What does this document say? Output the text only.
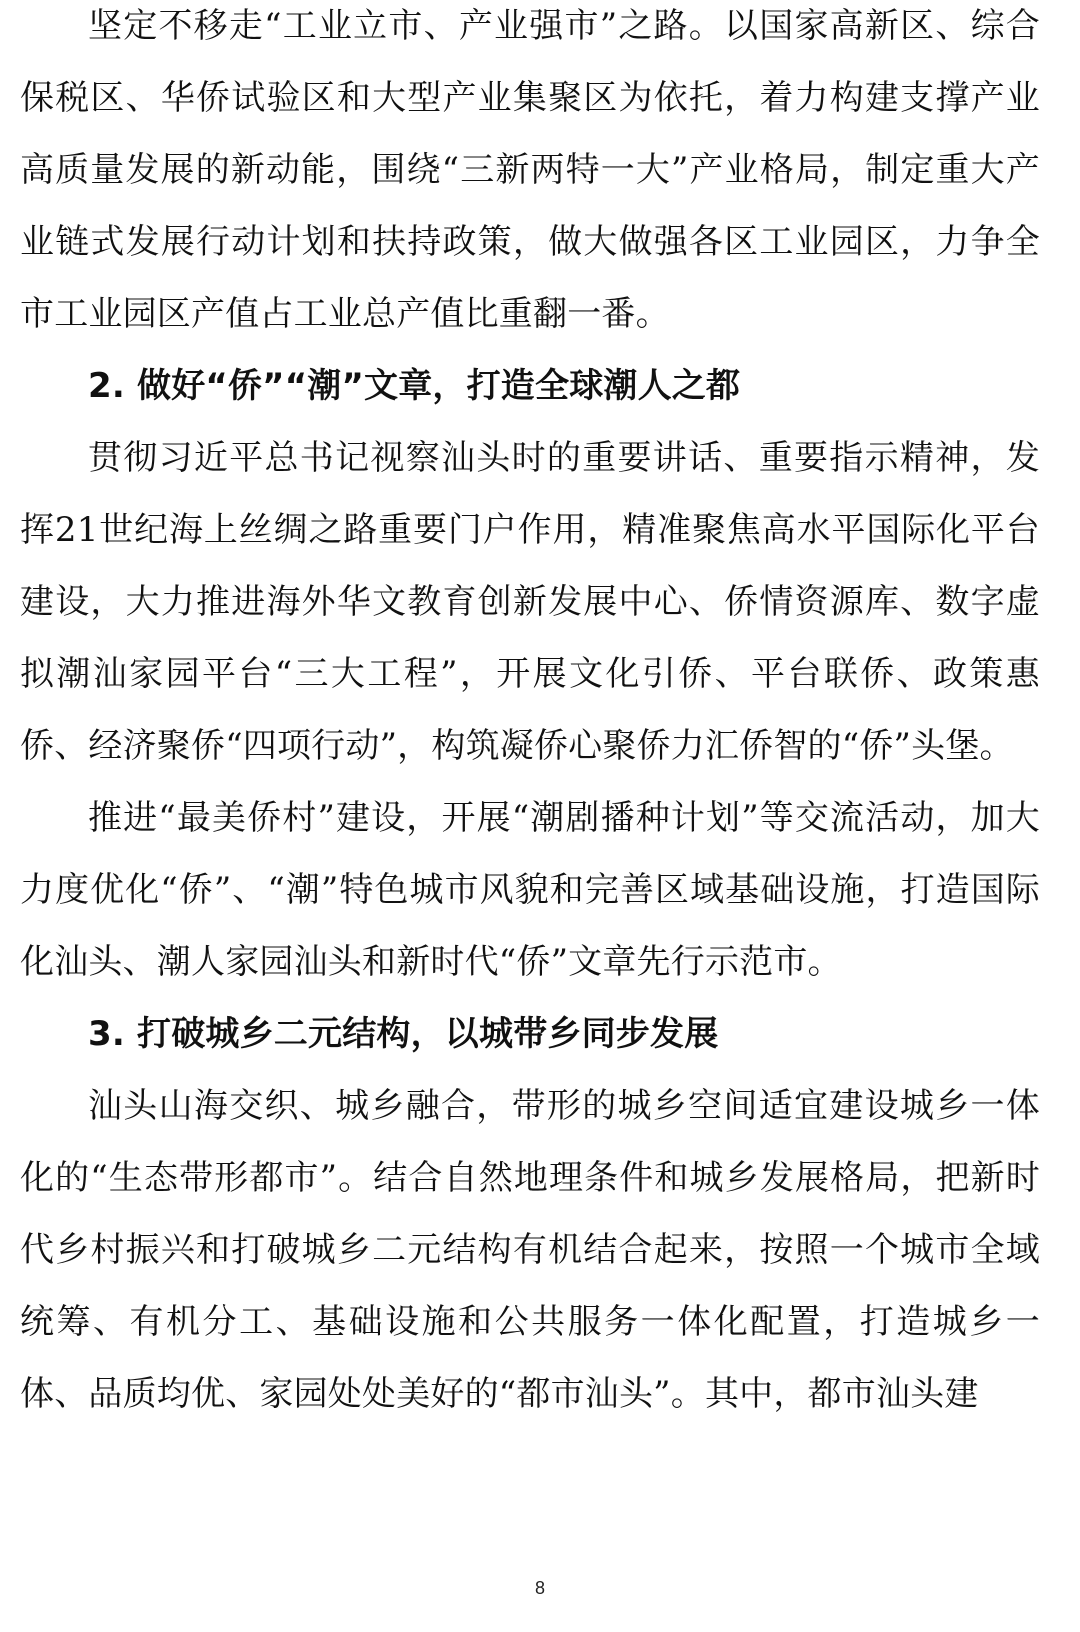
坚定不移走“工业立市、产业强市”之路。以国家高新区、综合保税区、华侨试验区和大型产业集聚区为依托，着力构建支撑产业高质量发展的新动能，围绕“三新两特一大”产业格局，制定重大产业链式发展行动计划和扶持政策，做大做强各区工业园区，力争全市工业园区产值占工业总产值比重翻一番。

2. 做好“侨”“潮”文章，打造全球潮人之都

贯彻习近平总书记视察汕头时的重要讲话、重要指示精神，发挥21世纪海上丝绸之路重要门户作用，精准聚焦高水平国际化平台建设，大力推进海外华文教育创新发展中心、侨情资源库、数字虚拟潮汕家园平台“三大工程”，开展文化引侨、平台联侨、政策惠侨、经济聚侨“四项行动”，构筑凝侨心聚侨力汇侨智的“侨”头堡。

推进“最美侨村”建设，开展“潮剧播种计划”等交流活动，加大力度优化“侨”、“潮”特色城市风貌和完善区域基础设施，打造国际化汕头、潮人家园汕头和新时代“侨”文章先行示范市。

3. 打破城乡二元结构，以城带乡同步发展

汕头山海交织、城乡融合，带形的城乡空间适宜建设城乡一体化的“生态带形都市”。结合自然地理条件和城乡发展格局，把新时代乡村振兴和打破城乡二元结构有机结合起来，按照一个城市全域统筹、有机分工、基础设施和公共服务一体化配置，打造城乡一体、品质均优、家园处处美好的“都市汕头”。其中，都市汕头建

8
